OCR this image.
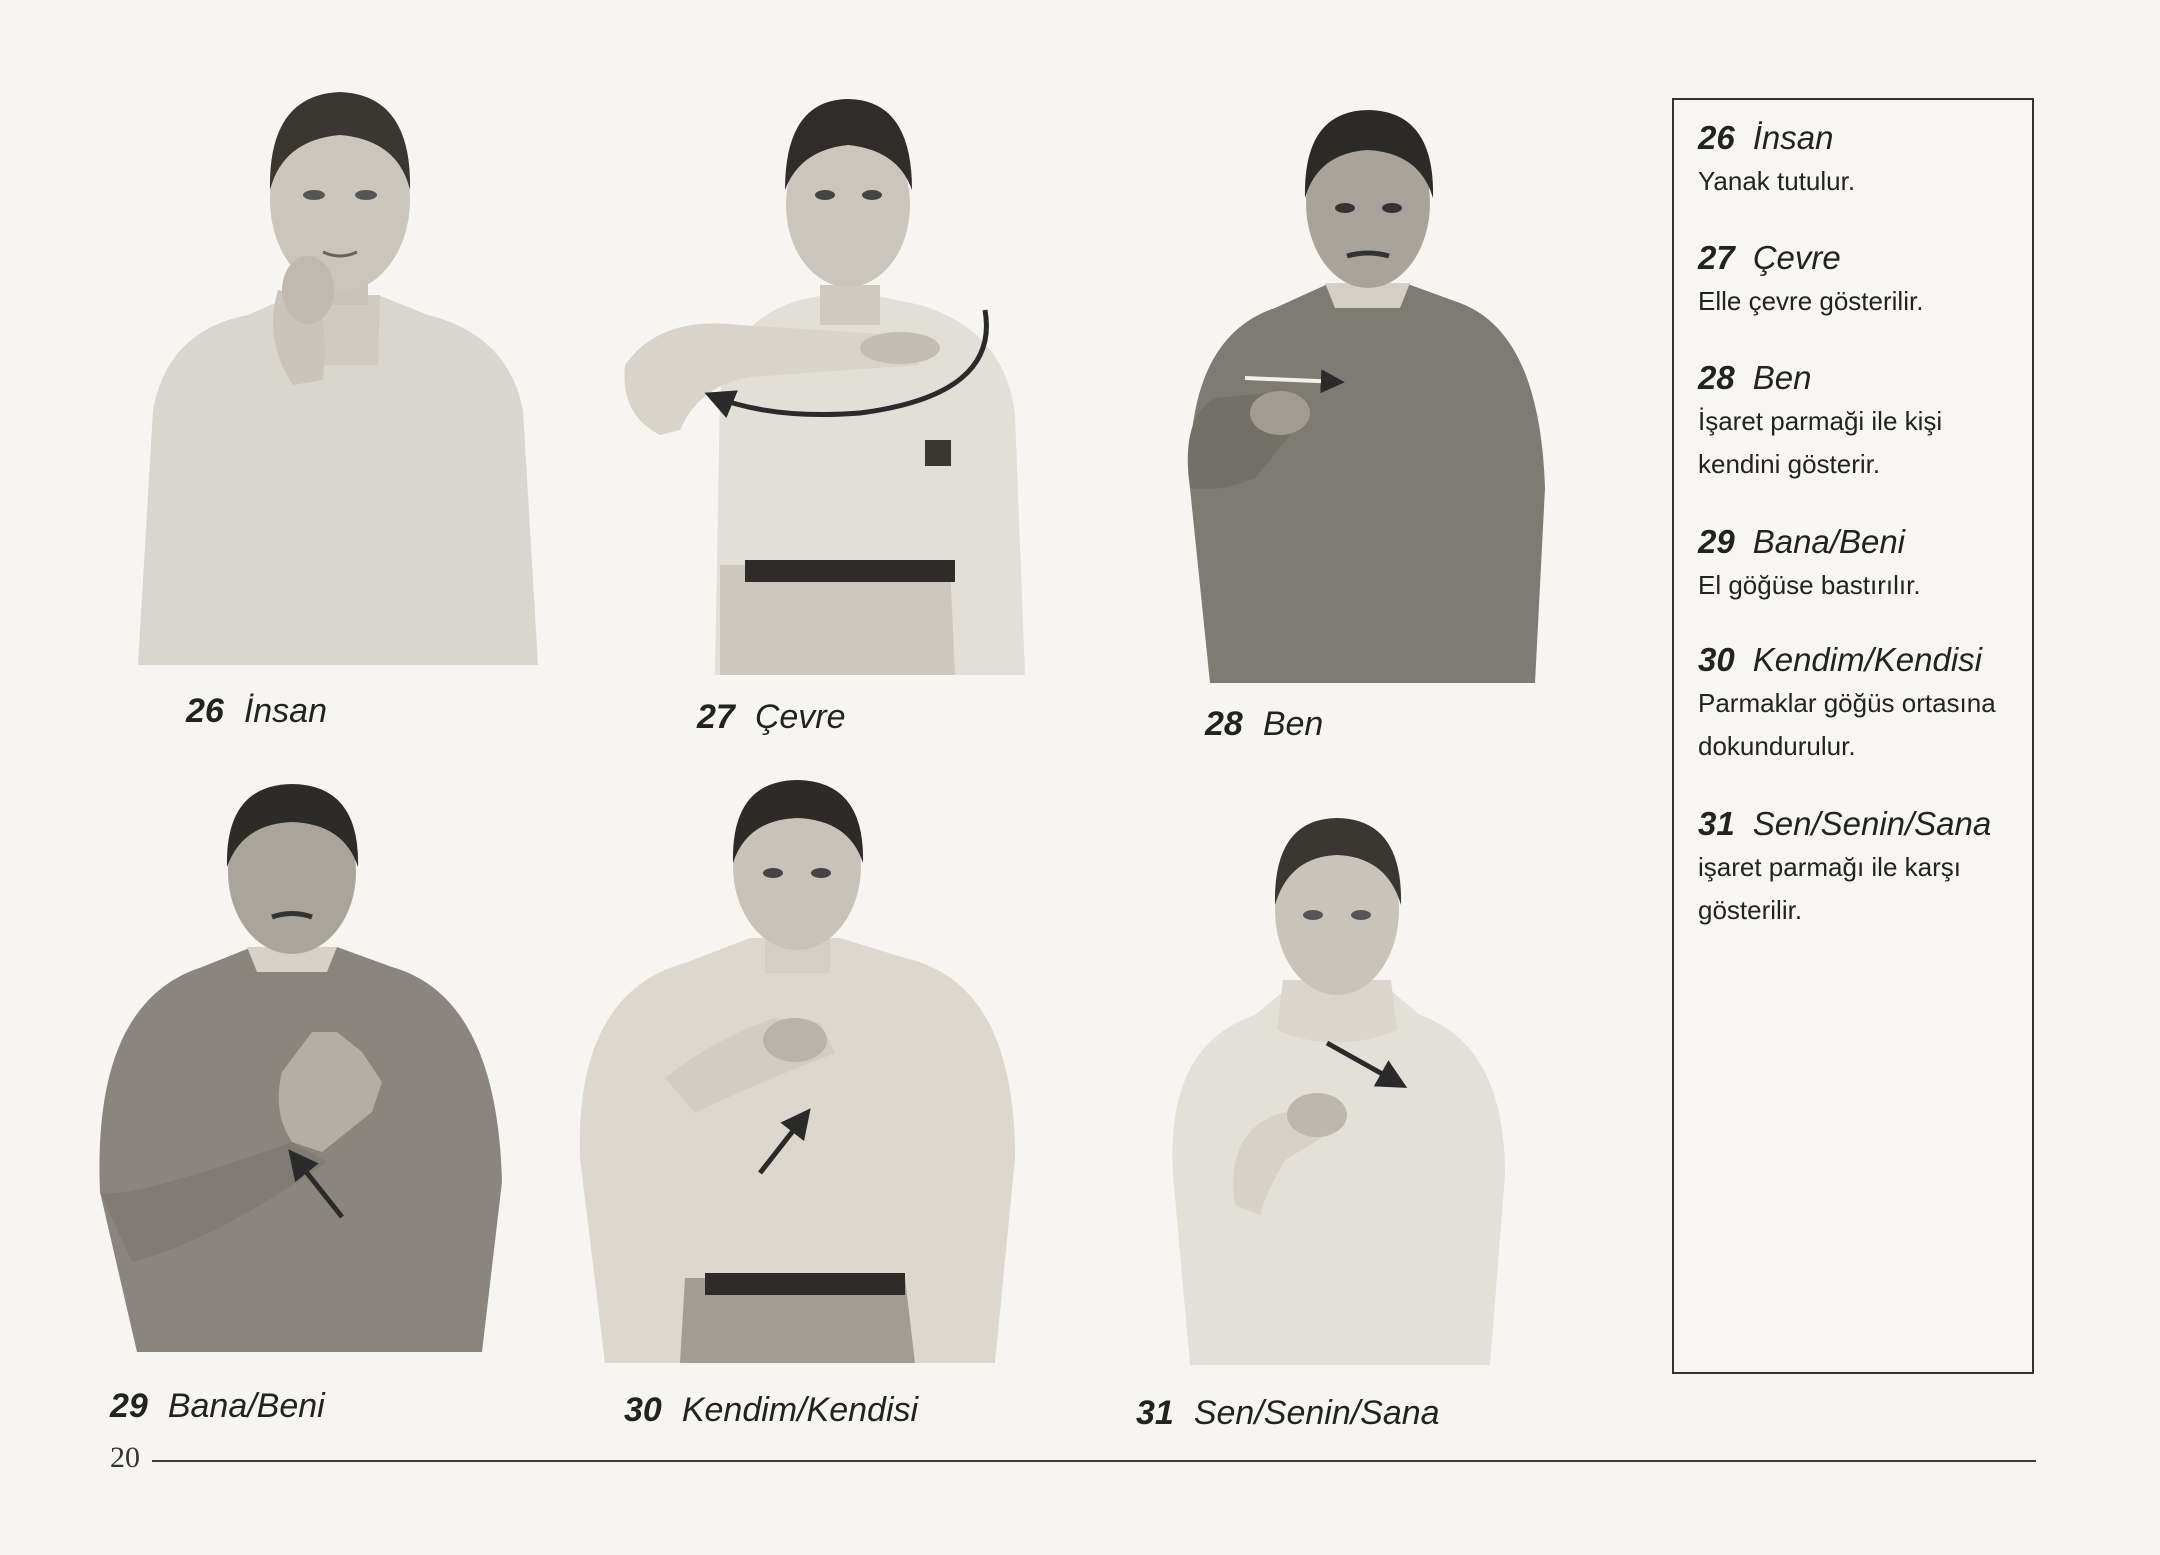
26 İnsan	27 Çevre	28 Ben
29 Bana/Beni	30 Kendim/Kendisi	31 Sen/Senin/Sana
26 İnsan
Yanak tutulur.
27 Çevre
Elle çevre gösterilir.
28 Ben
İşaret parmaği ile kişi kendini gösterir.
29 Bana/Beni
El göğüse bastırılır.
30 Kendim/Kendisi
Parmaklar göğüs ortasına dokundurulur.
31 Sen/Senin/Sana
işaret parmağı ile karşı gösterilir.
20
